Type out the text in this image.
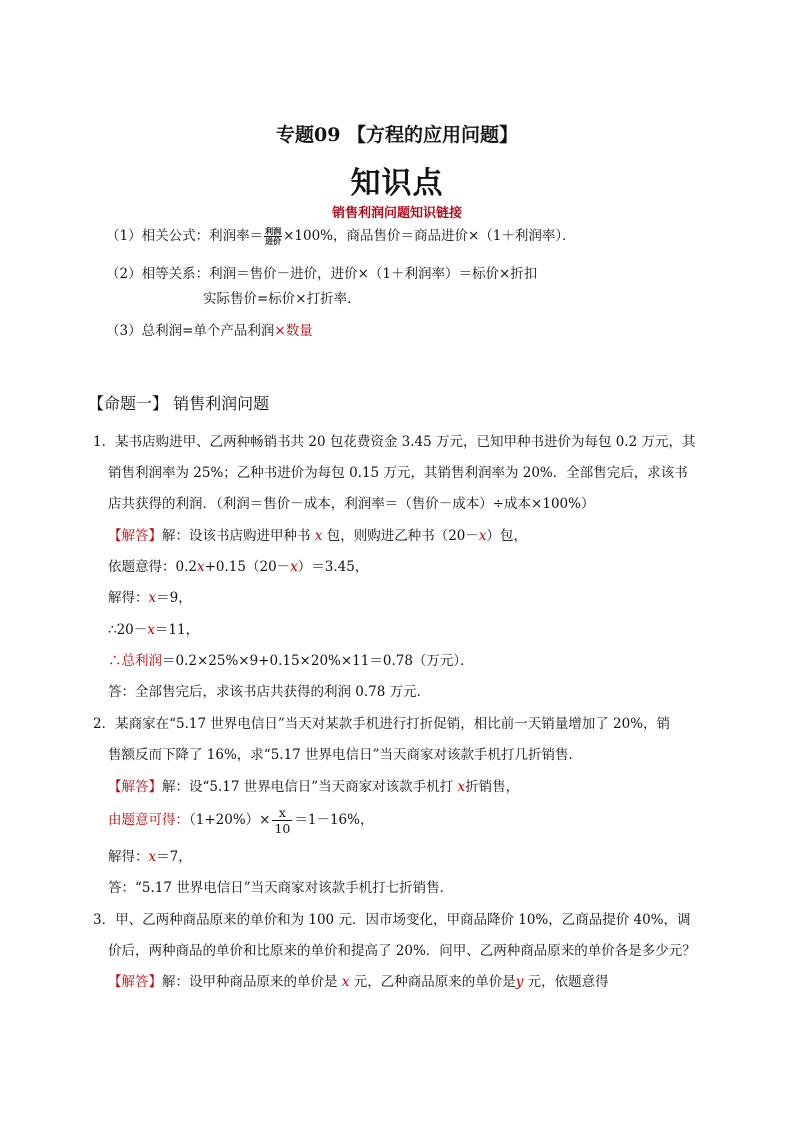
专题09 【方程的应用问题】
知识点
销售利润问题知识链接
（1）相关公式：利润率＝ $\frac{\text{利润}}{\text{进价}} \times 100\%$，商品售价＝商品进价×（1＋利润率）．
（2）相等关系：利润＝售价－进价，进价×（1＋利润率）＝标价×折扣
实际售价=标价×打折率.
（3）总利润=单个产品利润×数量
【命题一】 销售利润问题
1．某书店购进甲、乙两种畅销书共 20 包花费资金 3.45 万元，已知甲种书进价为每包 0.2 万元，其
销售利润率为 25%；乙种书进价为每包 0.15 万元，其销售利润率为 20%．全部售完后，求该书
店共获得的利润．（利润＝售价－成本，利润率＝（售价－成本）÷成本×100%）
【解答】解：设该书店购进甲种书 x 包，则购进乙种书（20－x）包，
依题意得：0.2x+0.15（20－x）＝3.45，
解得：x＝9，
∴20－x＝11，
∴总利润＝0.2×25%×9+0.15×20%×11＝0.78（万元）．
答：全部售完后，求该书店共获得的利润 0.78 万元．
2．某商家在“5.17 世界电信日”当天对某款手机进行打折促销，相比前一天销量增加了 20%，销
售额反而下降了 16%，求“5.17 世界电信日”当天商家对该款手机打几折销售．
【解答】解：设“5.17 世界电信日”当天商家对该款手机打 x折销售，
由题意可得：$(1+20\%)\times \frac{x}{10} =1-16\%$，
解得：x＝7，
答：“5.17 世界电信日”当天商家对该款手机打七折销售．
3．甲、乙两种商品原来的单价和为 100 元．因市场变化，甲商品降价 10%，乙商品提价 40%，调
价后，两种商品的单价和比原来的单价和提高了 20%．问甲、乙两种商品原来的单价各是多少元？
【解答】解：设甲种商品原来的单价是 x 元，乙种商品原来的单价是y 元，依题意得
